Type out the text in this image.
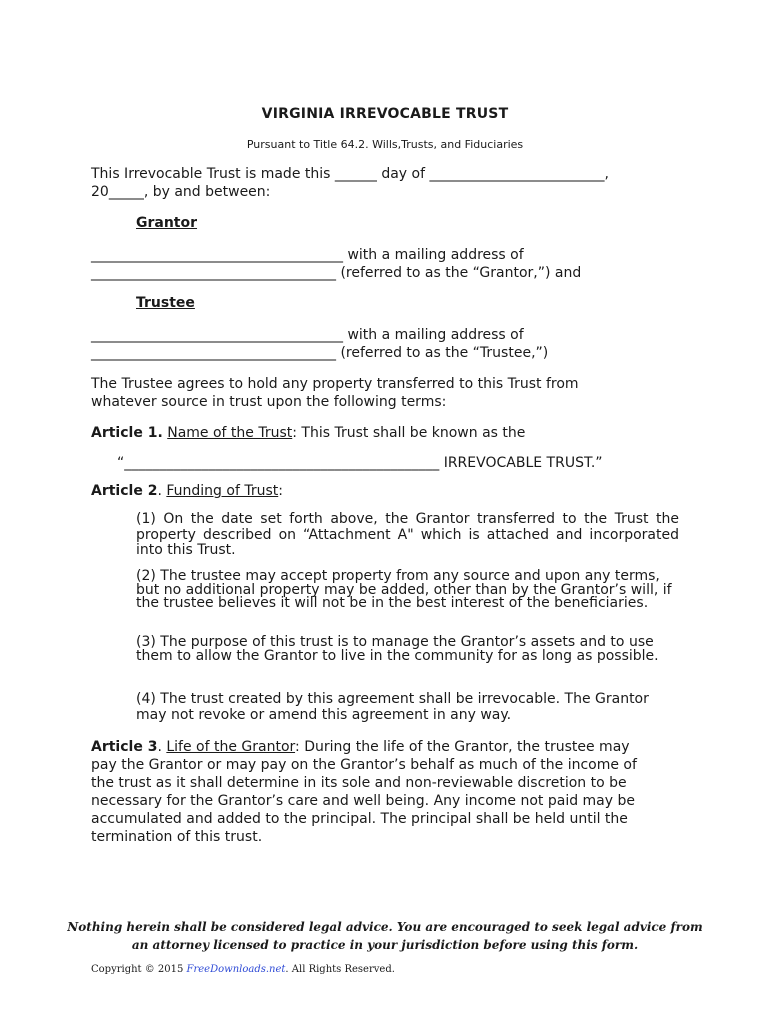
VIRGINIA IRREVOCABLE TRUST
Pursuant to Title 64.2. Wills,Trusts, and Fiduciaries

This Irrevocable Trust is made this ______ day of _________________________,
20_____, by and between:

Grantor

____________________________________ with a mailing address of
___________________________________ (referred to as the “Grantor,”) and

Trustee

____________________________________ with a mailing address of
___________________________________ (referred to as the “Trustee,”)

The Trustee agrees to hold any property transferred to this Trust from
whatever source in trust upon the following terms:

Article 1. Name of the Trust: This Trust shall be known as the

“_____________________________________________ IRREVOCABLE TRUST.”

Article 2. Funding of Trust:

(1) On the date set forth above, the Grantor transferred to the Trust the property described on “Attachment A" which is attached and incorporated into this Trust.

(2) The trustee may accept property from any source and upon any terms, but no additional property may be added, other than by the Grantor’s will, if the trustee believes it will not be in the best interest of the beneficiaries.

(3) The purpose of this trust is to manage the Grantor’s assets and to use them to allow the Grantor to live in the community for as long as possible.

(4) The trust created by this agreement shall be irrevocable. The Grantor may not revoke or amend this agreement in any way.

Article 3. Life of the Grantor: During the life of the Grantor, the trustee may
pay the Grantor or may pay on the Grantor’s behalf as much of the income of
the trust as it shall determine in its sole and non-reviewable discretion to be
necessary for the Grantor’s care and well being. Any income not paid may be
accumulated and added to the principal. The principal shall be held until the
termination of this trust.

Nothing herein shall be considered legal advice. You are encouraged to seek legal advice from
an attorney licensed to practice in your jurisdiction before using this form.
Copyright © 2015 FreeDownloads.net. All Rights Reserved.
